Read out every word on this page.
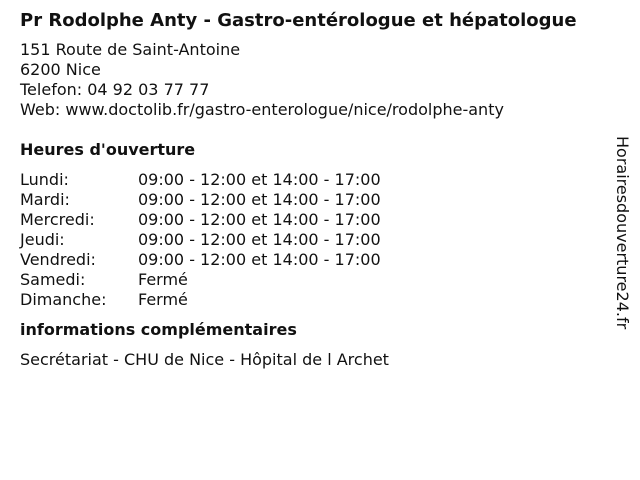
Pr Rodolphe Anty - Gastro-entérologue et hépatologue
151 Route de Saint-Antoine
6200 Nice
Telefon: 04 92 03 77 77
Web: www.doctolib.fr/gastro-enterologue/nice/rodolphe-anty
Heures d'ouverture
Lundi:	09:00 - 12:00 et 14:00 - 17:00
Mardi:	09:00 - 12:00 et 14:00 - 17:00
Mercredi:	09:00 - 12:00 et 14:00 - 17:00
Jeudi:	09:00 - 12:00 et 14:00 - 17:00
Vendredi:	09:00 - 12:00 et 14:00 - 17:00
Samedi:	Fermé
Dimanche:	Fermé
informations complémentaires
Secrétariat - CHU de Nice - Hôpital de l Archet
Horairesdouverture24.fr
